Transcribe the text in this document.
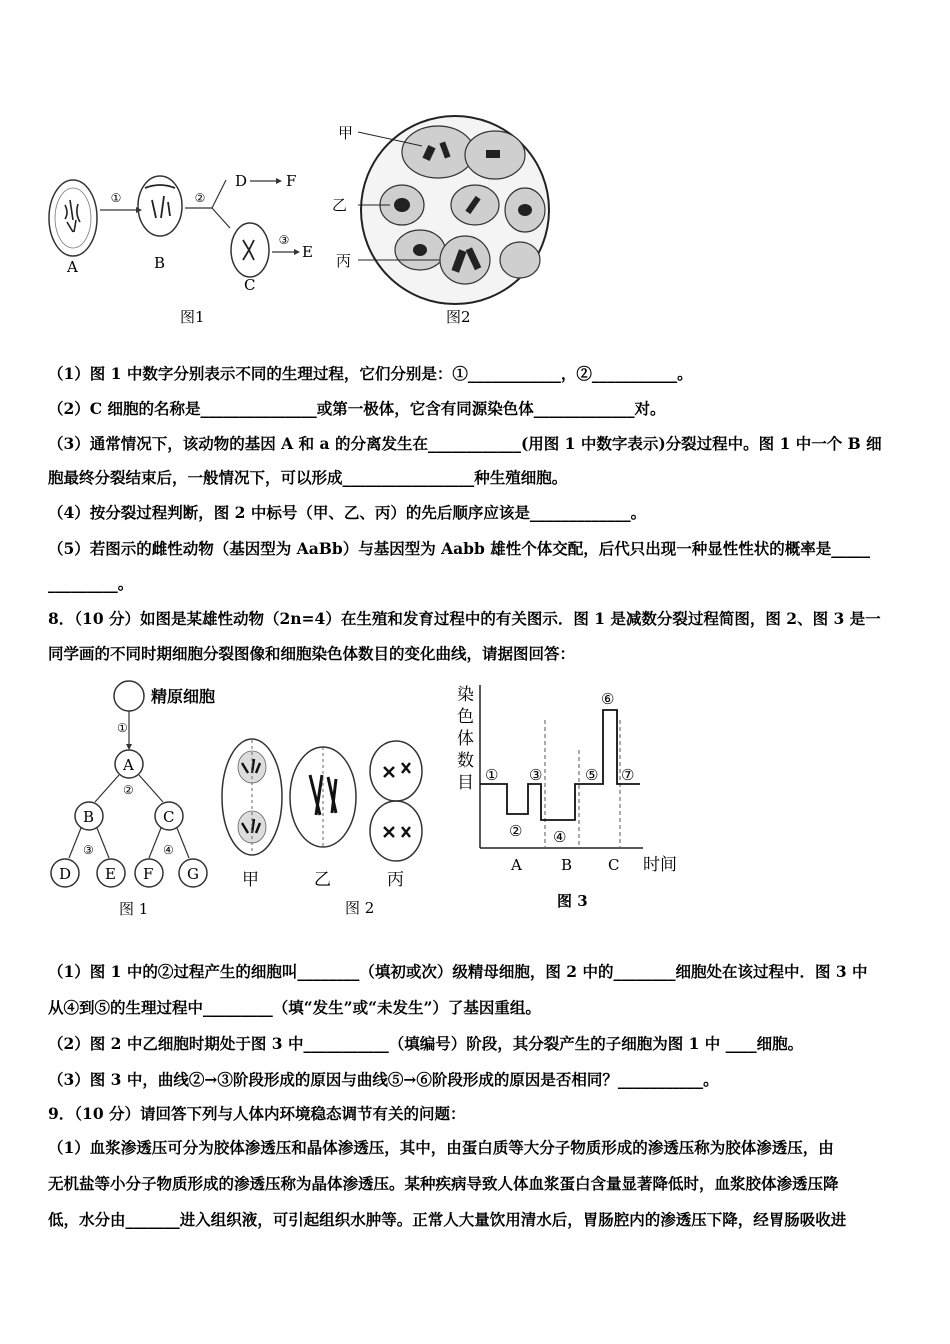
①	②
D	F
③
E
A	B
C
图1
甲
乙
丙
图2
（1）图 1 中数字分别表示不同的生理过程，它们分别是：①____________，②___________。
（2）C 细胞的名称是_______________或第一极体，它含有同源染色体_____________对。
（3）通常情况下，该动物的基因 A 和 a 的分离发生在____________(用图 1 中数字表示)分裂过程中。图 1 中一个 B 细
胞最终分裂结束后，一般情况下，可以形成_________________种生殖细胞。
（4）按分裂过程判断，图 2 中标号（甲、乙、丙）的先后顺序应该是_____________。
（5）若图示的雌性动物（基因型为 AaBb）与基因型为 Aabb 雄性个体交配，后代只出现一种显性性状的概率是_____
_________。
8．（10 分）如图是某雄性动物（2n=4）在生殖和发育过程中的有关图示．图 1 是减数分裂过程简图，图 2、图 3 是一
同学画的不同时期细胞分裂图像和细胞染色体数目的变化曲线，请据图回答：
精原细胞
①
A
②
B	C
③	④
D E F G
图 1
甲	乙	丙
图 2
染
色
体
数
目 ①
②
③
④
⑤
⑥
⑦
A	B C 时间
图 3
（1）图 1 中的②过程产生的细胞叫________（填初或次）级精母细胞，图 2 中的________细胞处在该过程中．图 3 中
从④到⑤的生理过程中_________（填“发生”或“未发生”）了基因重组。
（2）图 2 中乙细胞时期处于图 3 中___________（填编号）阶段，其分裂产生的子细胞为图 1 中 ____细胞。
（3）图 3 中，曲线②→③阶段形成的原因与曲线⑤→⑥阶段形成的原因是否相同？___________。
9．（10 分）请回答下列与人体内环境稳态调节有关的问题：
（1）血浆渗透压可分为胶体渗透压和晶体渗透压，其中，由蛋白质等大分子物质形成的渗透压称为胶体渗透压，由
无机盐等小分子物质形成的渗透压称为晶体渗透压。某种疾病导致人体血浆蛋白含量显著降低时，血浆胶体渗透压降
低，水分由_______进入组织液，可引起组织水肿等。正常人大量饮用清水后，胃肠腔内的渗透压下降，经胃肠吸收进
